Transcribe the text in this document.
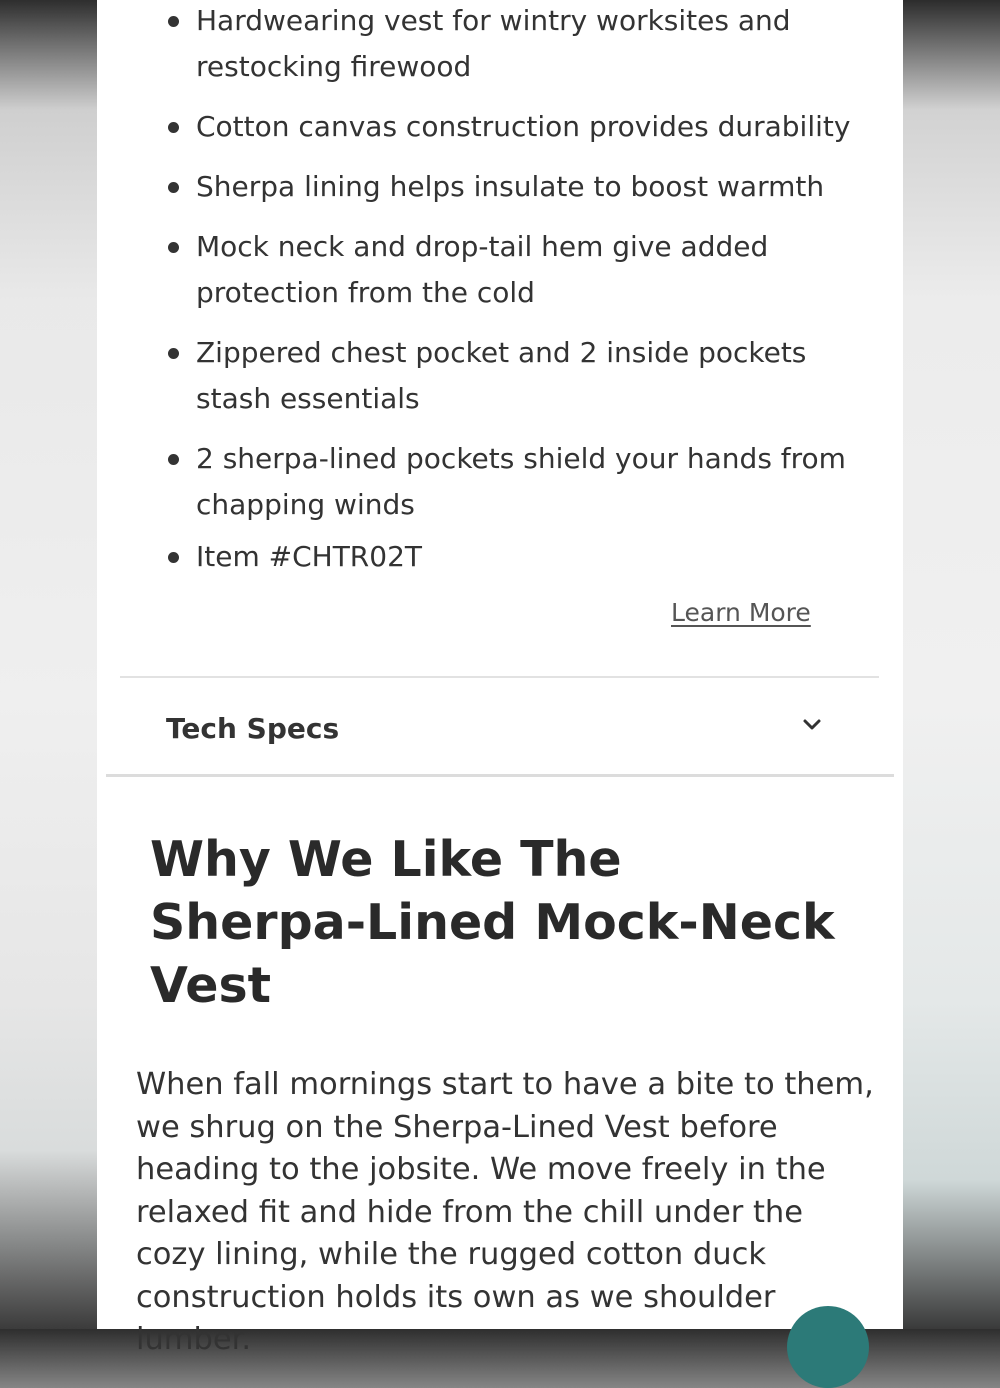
Hardwearing vest for wintry worksites and restocking firewood
Cotton canvas construction provides durability
Sherpa lining helps insulate to boost warmth
Mock neck and drop-tail hem give added protection from the cold
Zippered chest pocket and 2 inside pockets stash essentials
2 sherpa-lined pockets shield your hands from chapping winds
Item #CHTR02T
Learn More
Tech Specs
Why We Like The Sherpa-Lined Mock-Neck Vest

When fall mornings start to have a bite to them, we shrug on the Sherpa-Lined Vest before heading to the jobsite. We move freely in the relaxed fit and hide from the chill under the cozy lining, while the rugged cotton duck construction holds its own as we shoulder lumber.
